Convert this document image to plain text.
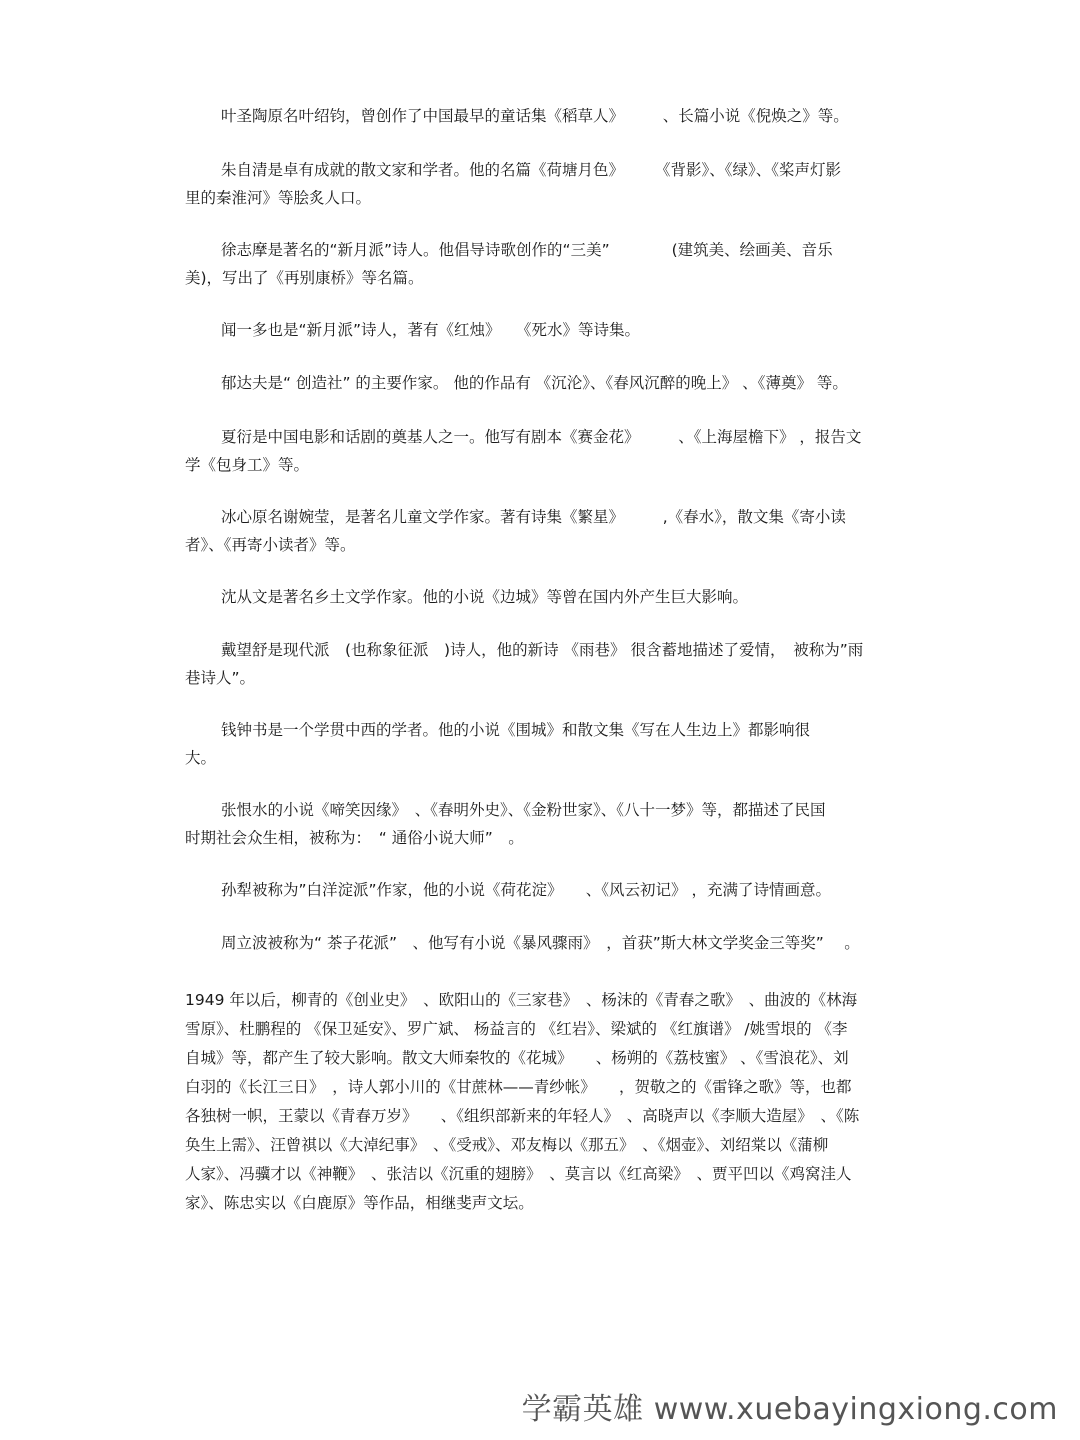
叶圣陶原名叶绍钧，曾创作了中国最早的童话集《稻草人》　　　、长篇小说《倪焕之》等。

朱自清是卓有成就的散文家和学者。他的名篇《荷塘月色》　　　《背影》、《绿》、《桨声灯影
里的秦淮河》等脍炙人口。

徐志摩是著名的“新月派”诗人。他倡导诗歌创作的“三美”　　　　(建筑美、绘画美、音乐
美)，写出了《再别康桥》等名篇。

闻一多也是“新月派”诗人，著有《红烛》　　《死水》等诗集。

郁达夫是“ 创造社” 的主要作家。 他的作品有 《沉沦》、《春风沉醉的晚上》 、《薄奠》 等。

夏衍是中国电影和话剧的奠基人之一。他写有剧本《赛金花》　　　、《上海屋檐下》 ，报告文
学《包身工》等。

冰心原名谢婉莹，是著名儿童文学作家。著有诗集《繁星》　　　,《春水》，散文集《寄小读
者》、《再寄小读者》等。

沈从文是著名乡土文学作家。他的小说《边城》等曾在国内外产生巨大影响。

戴望舒是现代派　(也称象征派　)诗人，他的新诗 《雨巷》 很含蓄地描述了爱情，　被称为”雨
巷诗人”。

钱钟书是一个学贯中西的学者。他的小说《围城》和散文集《写在人生边上》都影响很
大。

张恨水的小说《啼笑因缘》　、《春明外史》、《金粉世家》、《八十一梦》等，都描述了民国
时期社会众生相，被称为：　“ 通俗小说大师”　。

孙犁被称为”白洋淀派”作家，他的小说《荷花淀》　　、《风云初记》 ，充满了诗情画意。

周立波被称为“ 茶子花派”　、他写有小说《暴风骤雨》　，首获”斯大林文学奖金三等奖”　 。

1949 年以后，柳青的《创业史》　、欧阳山的《三家巷》　、杨沫的《青春之歌》　、曲波的《林海
雪原》、杜鹏程的 《保卫延安》、罗广斌、 杨益言的 《红岩》、梁斌的 《红旗谱》 /姚雪垠的 《李
自城》等，都产生了较大影响。散文大师秦牧的《花城》　　、杨朔的《荔枝蜜》 、《雪浪花》、刘
白羽的《长江三日》　，诗人郭小川的《甘蔗林——青纱帐》　　，贺敬之的《雷锋之歌》等，也都
各独树一帜，王蒙以《青春万岁》　　、《组织部新来的年轻人》　、高晓声以《李顺大造屋》　、《陈
奂生上需》、汪曾祺以《大淖纪事》　、《受戒》、邓友梅以《那五》　、《烟壶》、刘绍棠以《蒲柳
人家》、冯骥才以《神鞭》　、张洁以《沉重的翅膀》　、莫言以《红高梁》　、贾平凹以《鸡窝洼人
家》、陈忠实以《白鹿原》等作品，相继斐声文坛。

学霸英雄 www.xuebayingxiong.com
